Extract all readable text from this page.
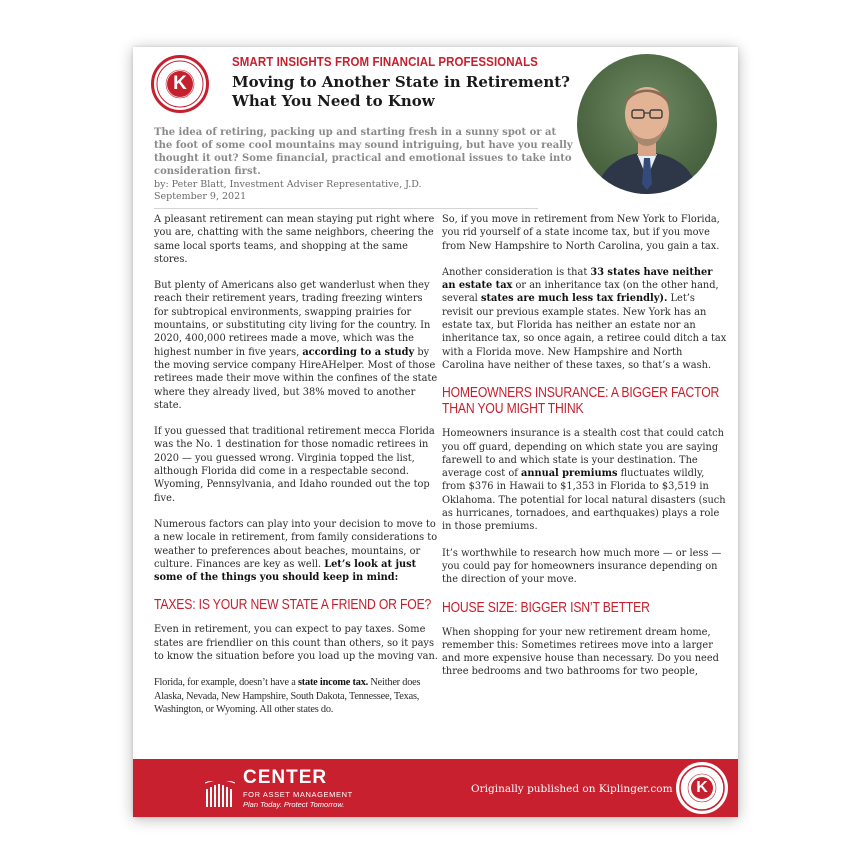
K
SMART INSIGHTS FROM FINANCIAL PROFESSIONALS
Moving to Another State in Retirement?
What You Need to Know
The idea of retiring, packing up and starting fresh in a sunny spot or at the foot of some cool mountains may sound intriguing, but have you really thought it out? Some financial, practical and emotional issues to take into consideration first.
by: Peter Blatt, Investment Adviser Representative, J.D.
September 9, 2021

A pleasant retirement can mean staying put right where you are, chatting with the same neighbors, cheering the same local sports teams, and shopping at the same stores.

But plenty of Americans also get wanderlust when they reach their retirement years, trading freezing winters for subtropical environments, swapping prairies for mountains, or substituting city living for the country. In 2020, 400,000 retirees made a move, which was the highest number in five years, according to a study by the moving service company HireAHelper. Most of those retirees made their move within the confines of the state where they already lived, but 38% moved to another state.

If you guessed that traditional retirement mecca Florida was the No. 1 destination for those nomadic retirees in 2020 — you guessed wrong. Virginia topped the list, although Florida did come in a respectable second. Wyoming, Pennsylvania, and Idaho rounded out the top five.

Numerous factors can play into your decision to move to a new locale in retirement, from family considerations to weather to preferences about beaches, mountains, or culture. Finances are key as well. Let’s look at just some of the things you should keep in mind:

TAXES: IS YOUR NEW STATE A FRIEND OR FOE?

Even in retirement, you can expect to pay taxes. Some states are friendlier on this count than others, so it pays to know the situation before you load up the moving van.

Florida, for example, doesn’t have a state income tax. Neither does Alaska, Nevada, New Hampshire, South Dakota, Tennessee, Texas, Washington, or Wyoming. All other states do.

So, if you move in retirement from New York to Florida, you rid yourself of a state income tax, but if you move from New Hampshire to North Carolina, you gain a tax.

Another consideration is that 33 states have neither an estate tax or an inheritance tax (on the other hand, several states are much less tax friendly). Let’s revisit our previous example states. New York has an estate tax, but Florida has neither an estate nor an inheritance tax, so once again, a retiree could ditch a tax with a Florida move. New Hampshire and North Carolina have neither of these taxes, so that’s a wash.

HOMEOWNERS INSURANCE: A BIGGER FACTOR
THAN YOU MIGHT THINK

Homeowners insurance is a stealth cost that could catch you off guard, depending on which state you are saying farewell to and which state is your destination. The average cost of annual premiums fluctuates wildly, from $376 in Hawaii to $1,353 in Florida to $3,519 in Oklahoma. The potential for local natural disasters (such as hurricanes, tornadoes, and earthquakes) plays a role in those premiums.

It’s worthwhile to research how much more — or less — you could pay for homeowners insurance depending on the direction of your move.

HOUSE SIZE: BIGGER ISN’T BETTER

When shopping for your new retirement dream home, remember this: Sometimes retirees move into a larger and more expensive house than necessary. Do you need three bedrooms and two bathrooms for two people,

CENTER
FOR ASSET MANAGEMENT
Plan Today. Protect Tomorrow.
Originally published on Kiplinger.com	K
